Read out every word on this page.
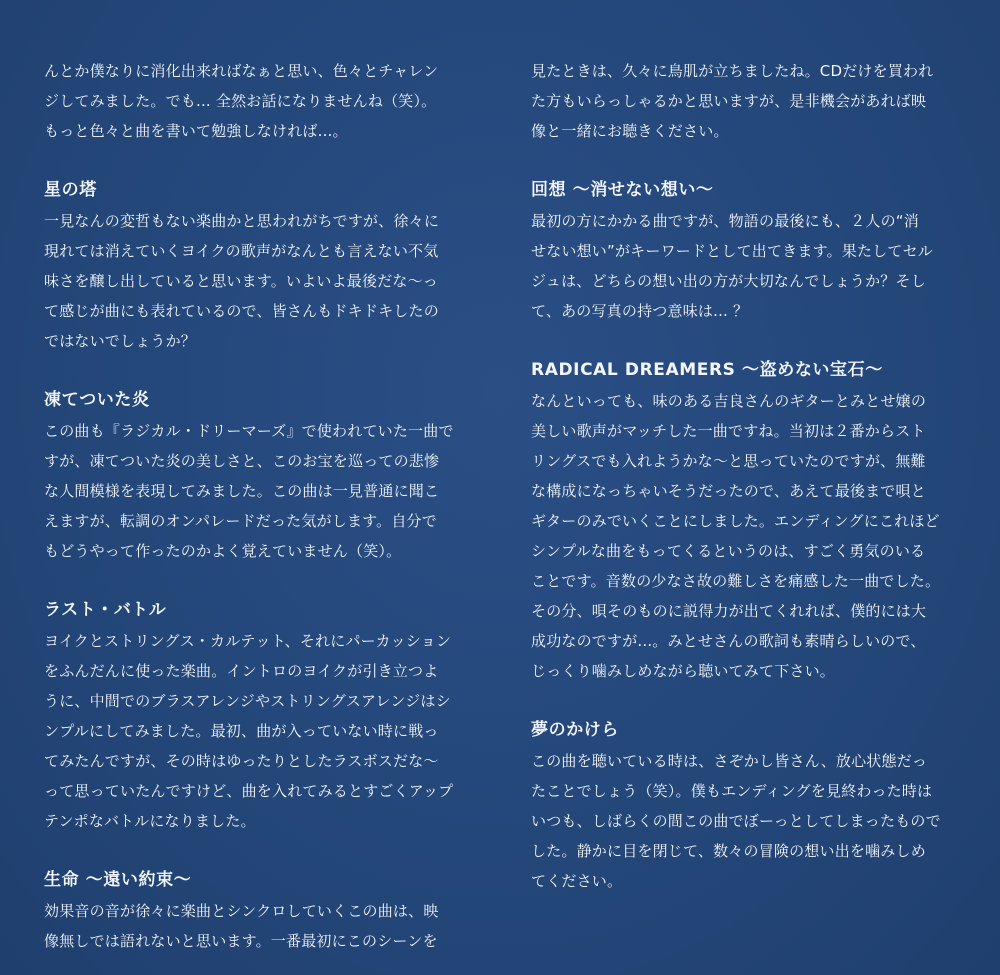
んとか僕なりに消化出来ればなぁと思い、色々とチャレン
ジしてみました。でも... 全然お話になりませんね（笑）。
もっと色々と曲を書いて勉強しなければ...。

星の塔

一見なんの変哲もない楽曲かと思われがちですが、徐々に
現れては消えていくヨイクの歌声がなんとも言えない不気
味さを醸し出していると思います。いよいよ最後だな〜っ
て感じが曲にも表れているので、皆さんもドキドキしたの
ではないでしょうか？

凍てついた炎

この曲も『ラジカル・ドリーマーズ』で使われていた一曲で
すが、凍てついた炎の美しさと、このお宝を巡っての悲惨
な人間模様を表現してみました。この曲は一見普通に聞こ
えますが、転調のオンパレードだった気がします。自分で
もどうやって作ったのかよく覚えていません（笑）。

ラスト・バトル

ヨイクとストリングス・カルテット、それにパーカッション
をふんだんに使った楽曲。イントロのヨイクが引き立つよ
うに、中間でのブラスアレンジやストリングスアレンジはシ
ンプルにしてみました。最初、曲が入っていない時に戦っ
てみたんですが、その時はゆったりとしたラスボスだな〜
って思っていたんですけど、曲を入れてみるとすごくアップ
テンポなバトルになりました。

生命 〜遠い約束〜

効果音の音が徐々に楽曲とシンクロしていくこの曲は、映
像無しでは語れないと思います。一番最初にこのシーンを

見たときは、久々に鳥肌が立ちましたね。CDだけを買われ
た方もいらっしゃるかと思いますが、是非機会があれば映
像と一緒にお聴きください。

回想 〜消せない想い〜

最初の方にかかる曲ですが、物語の最後にも、２人の“消
せない想い”がキーワードとして出てきます。果たしてセル
ジュは、どちらの想い出の方が大切なんでしょうか？そし
て、あの写真の持つ意味は... ？

RADICAL DREAMERS 〜盗めない宝石〜

なんといっても、味のある吉良さんのギターとみとせ嬢の
美しい歌声がマッチした一曲ですね。当初は２番からスト
リングスでも入れようかな〜と思っていたのですが、無難
な構成になっちゃいそうだったので、あえて最後まで唄と
ギターのみでいくことにしました。エンディングにこれほど
シンプルな曲をもってくるというのは、すごく勇気のいる
ことです。音数の少なさ故の難しさを痛感した一曲でした。
その分、唄そのものに説得力が出てくれれば、僕的には大
成功なのですが...。みとせさんの歌詞も素晴らしいので、
じっくり噛みしめながら聴いてみて下さい。

夢のかけら

この曲を聴いている時は、さぞかし皆さん、放心状態だっ
たことでしょう（笑）。僕もエンディングを見終わった時は
いつも、しばらくの間この曲でぼーっとしてしまったもので
した。静かに目を閉じて、数々の冒険の想い出を噛みしめ
てください。
